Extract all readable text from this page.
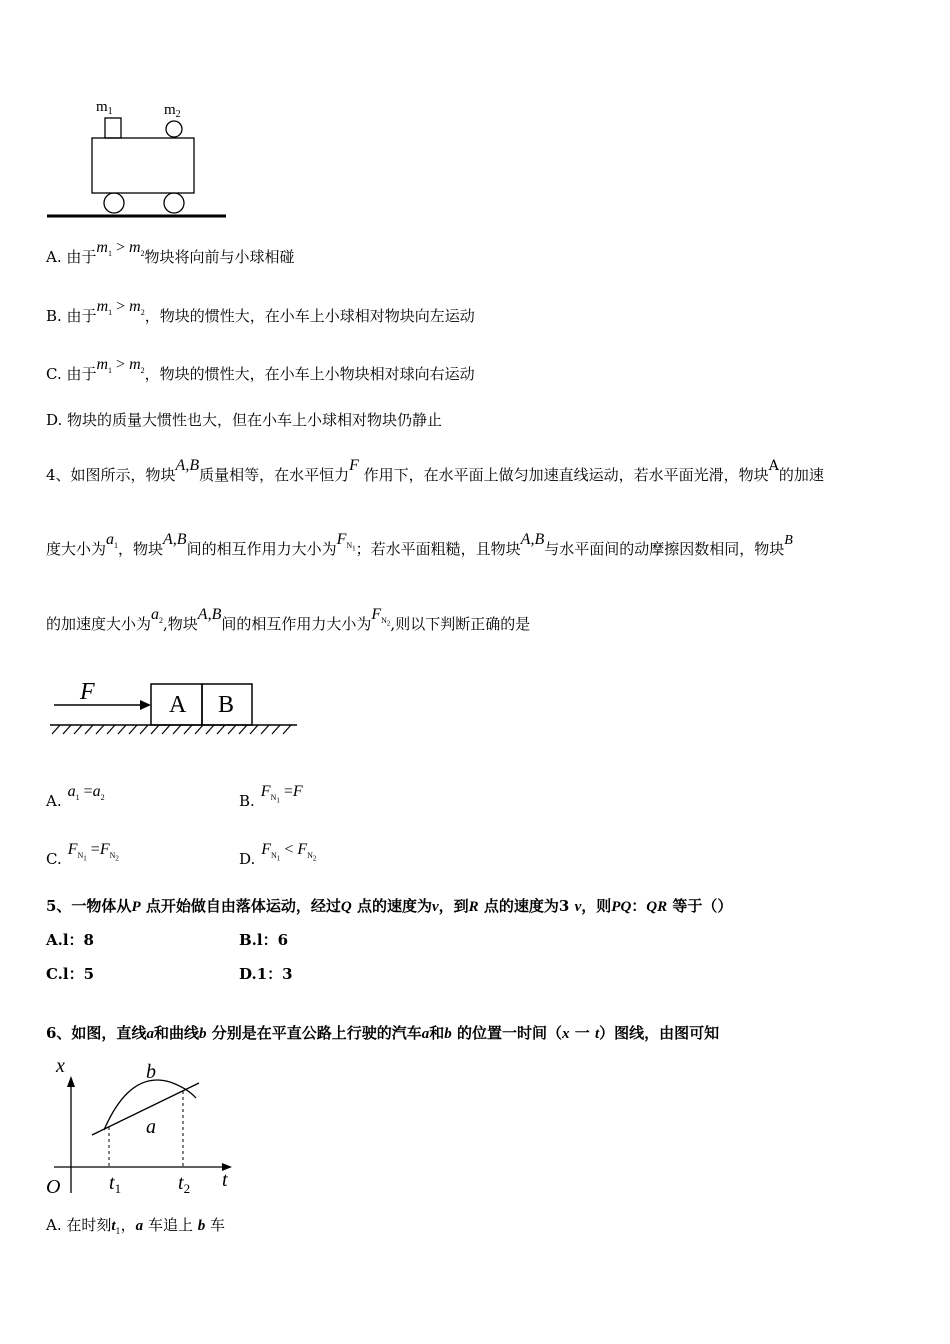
$m_1$	$m_2$
A. 由于$m_1 > m_2$物块将向前与小球相碰
B. 由于$m_1 > m_2$，物块的惯性大，在小车上小球相对物块向左运动
C. 由于$m_1 > m_2$，物块的惯性大，在小车上小物块相对球向右运动
D. 物块的质量大惯性也大，但在小车上小球相对物块仍静止
4、如图所示，物块A,B质量相等，在水平恒力F 作用下，在水平面上做匀加速直线运动，若水平面光滑，物块A的加速
度大小为$a_1$，物块A,B间的相互作用力大小为$F_{N1}$；若水平面粗糙，且物块A,B与水平面间的动摩擦因数相同，物块B
的加速度大小为$a_2$,物块A,B间的相互作用力大小为$F_{N2}$,则以下判断正确的是
F	A B
$A.a_1 =a_2$	$B.F_{N1} =F$
$C.F_{N1} =F_{N2}$	$D.F_{N1} < F_{N2}$
5、一物体从P 点开始做自由落体运动，经过Q 点的速度为v，到R 点的速度为3 v，则PQ：QR 等于（）
A.l：8	B.l：6
C.l：5	D.1：3
6、如图，直线a和曲线b 分别是在平直公路上行驶的汽车a和b 的位置一时间（x 一 t）图线，由图可知
x
O	t
b
a
$t_1$	$t_2$
A. 在时刻$t_1$，a 车追上 b 车
